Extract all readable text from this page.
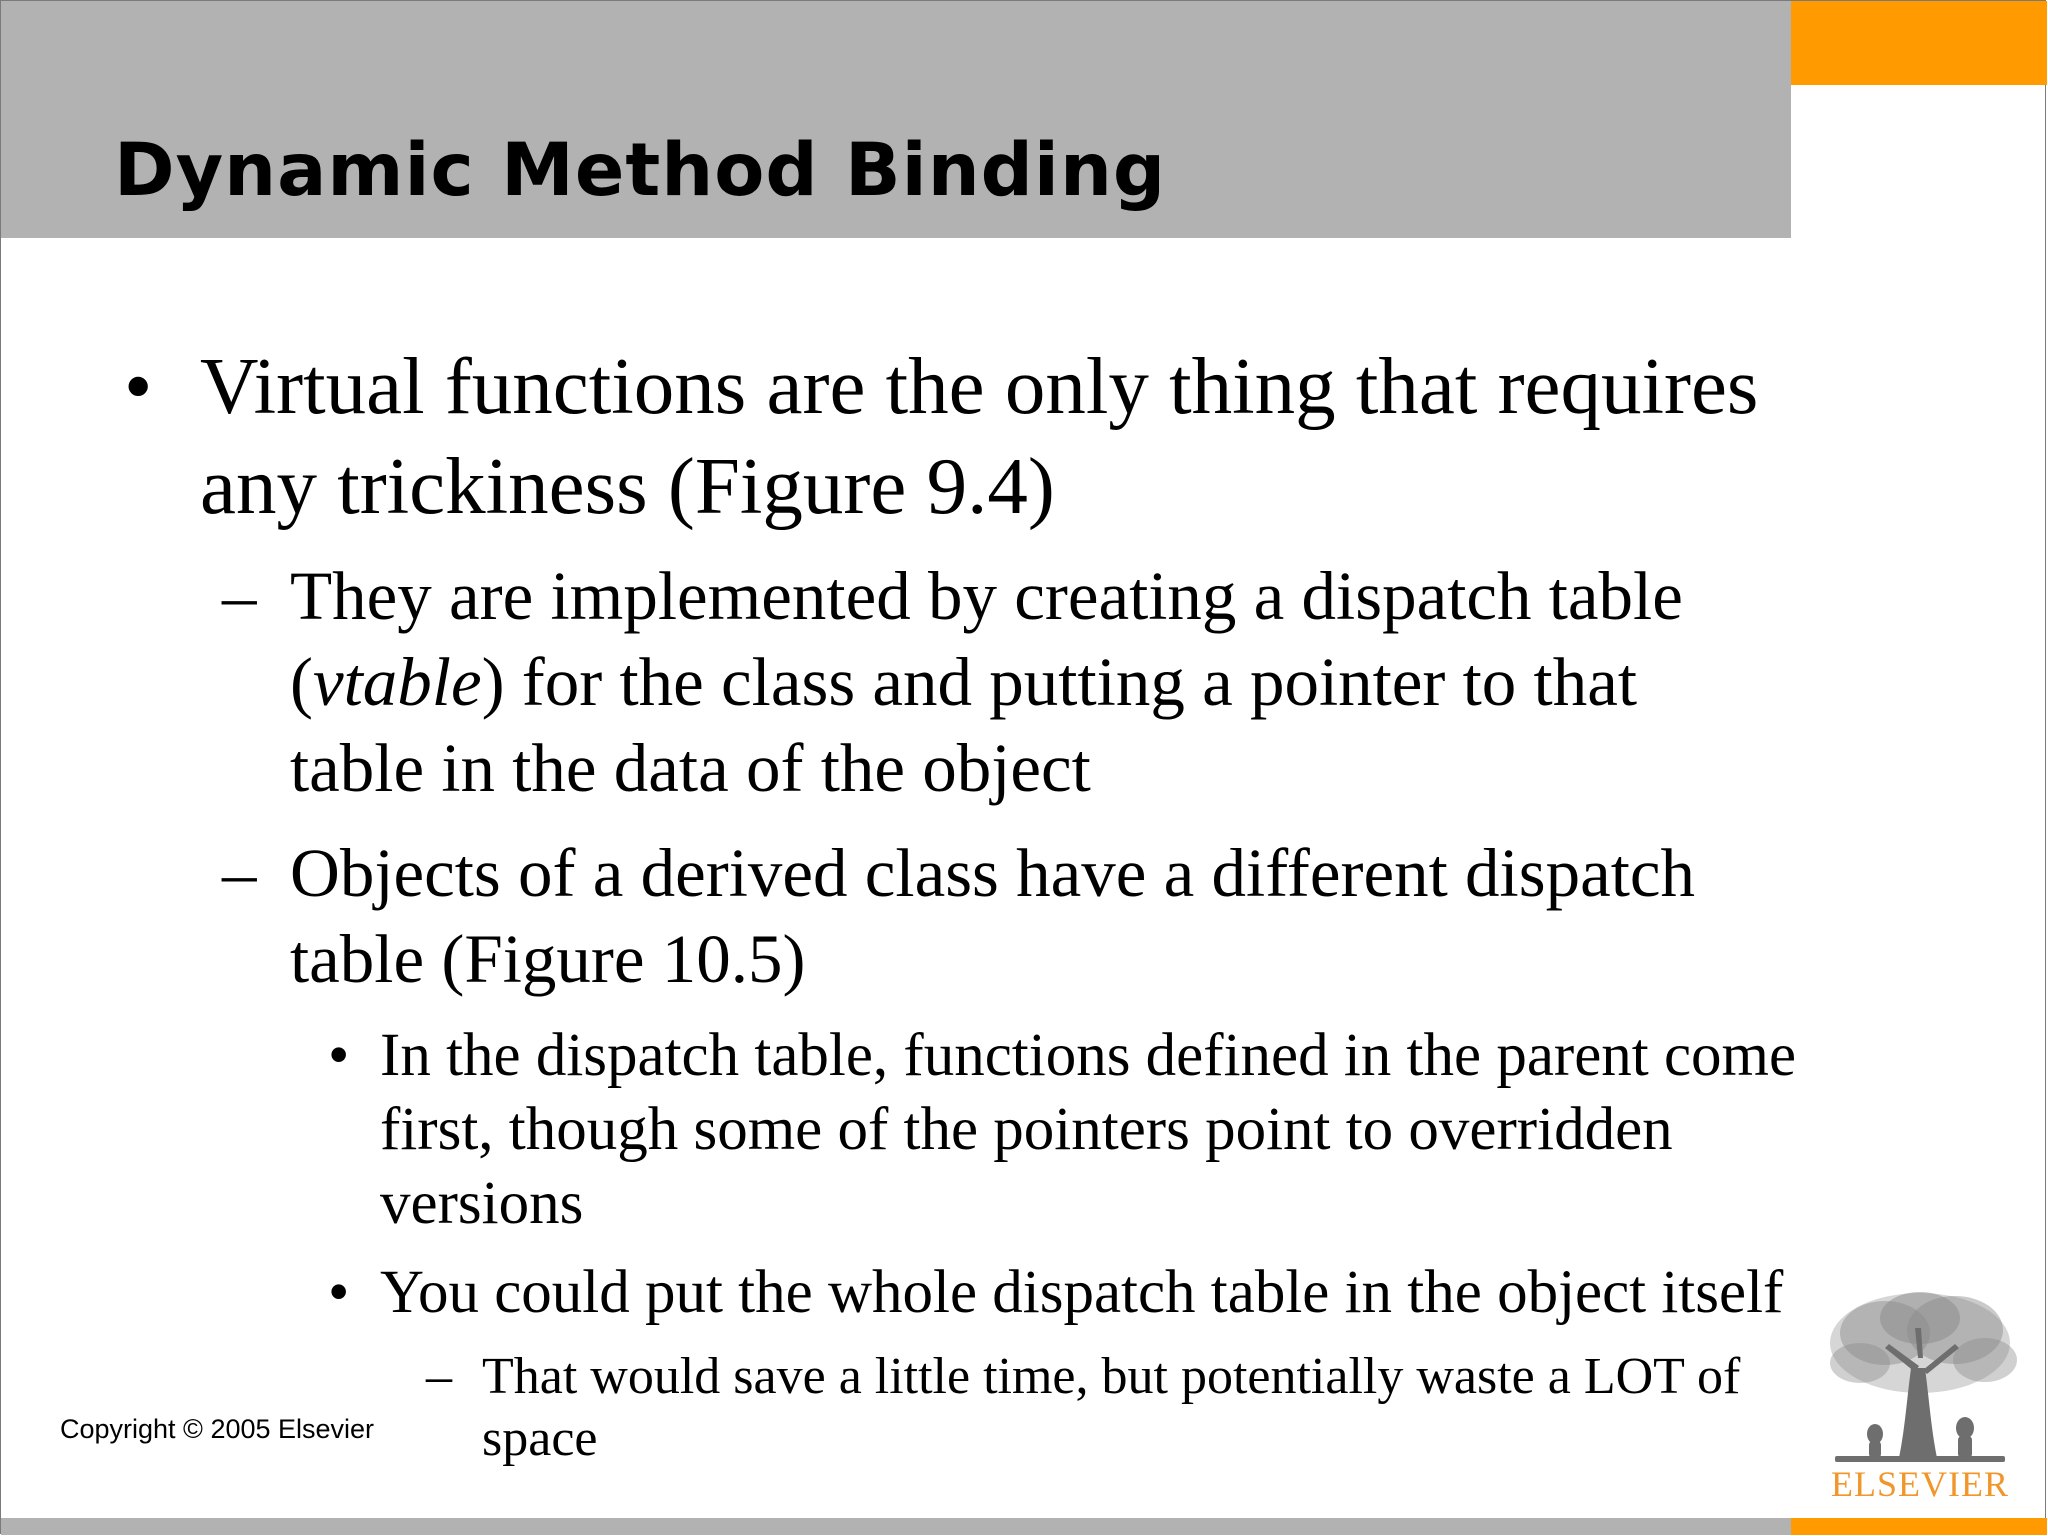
Dynamic Method Binding
• Virtual functions are the only thing that requires
any trickiness (Figure 9.4)
– They are implemented by creating a dispatch table
(vtable) for the class and putting a pointer to that
table in the data of the object
– Objects of a derived class have a different dispatch
table (Figure 10.5)
• In the dispatch table, functions defined in the parent come
first, though some of the pointers point to overridden
versions
• You could put the whole dispatch table in the object itself
– That would save a little time, but potentially waste a LOT of
space
Copyright © 2005 Elsevier
ELSEVIER
